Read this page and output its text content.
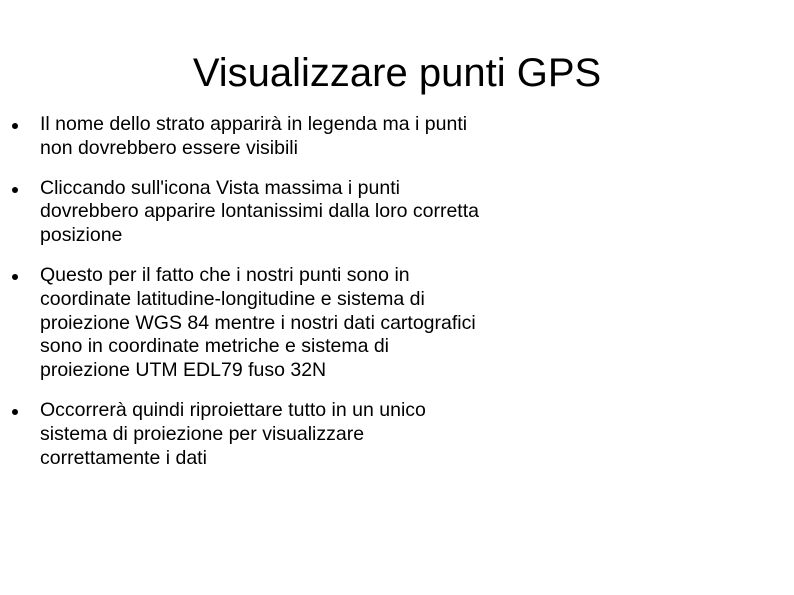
Visualizzare punti GPS
Il nome dello strato apparirà in legenda ma i punti non dovrebbero essere visibili
Cliccando sull'icona Vista massima i punti dovrebbero apparire lontanissimi dalla loro corretta posizione
Questo per il fatto che i nostri punti sono in coordinate latitudine-longitudine e sistema di proiezione WGS 84 mentre i nostri dati cartografici sono in coordinate metriche e sistema di proiezione UTM EDL79 fuso 32N
Occorrerà quindi riproiettare tutto in un unico sistema di proiezione per visualizzare correttamente i dati
